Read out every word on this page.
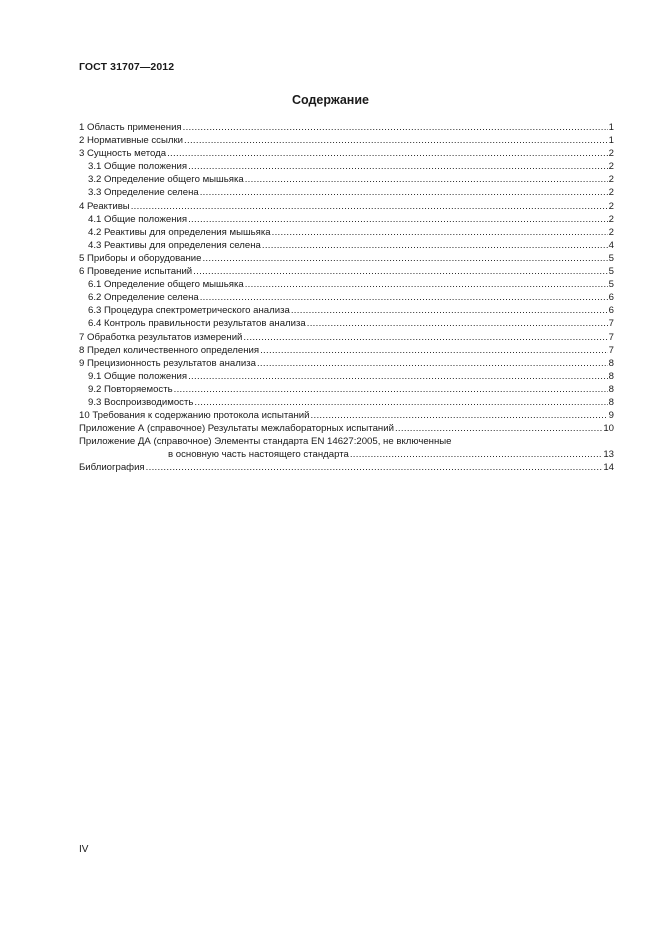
ГОСТ 31707—2012
Содержание
1 Область применения .....	1
2 Нормативные ссылки .....	1
3 Сущность метода .....	2
3.1 Общие положения .....	2
3.2 Определение общего мышьяка .....	2
3.3 Определение селена .....	2
4 Реактивы .....	2
4.1 Общие положения .....	2
4.2 Реактивы для определения мышьяка .....	2
4.3 Реактивы для определения селена .....	4
5 Приборы и оборудование .....	5
6 Проведение испытаний .....	5
6.1 Определение общего мышьяка .....	5
6.2 Определение селена .....	6
6.3 Процедура спектрометрического анализа .....	6
6.4 Контроль правильности результатов анализа .....	7
7 Обработка результатов измерений .....	7
8 Предел количественного определения .....	7
9 Прецизионность результатов анализа .....	8
9.1 Общие положения .....	8
9.2 Повторяемость .....	8
9.3 Воспроизводимость .....	8
10 Требования к содержанию протокола испытаний .....	9
Приложение А (справочное) Результаты межлабораторных испытаний .....	10
Приложение ДА (справочное) Элементы стандарта EN 14627:2005, не включенные
в основную часть настоящего стандарта .....	13
Библиография .....	14
IV
